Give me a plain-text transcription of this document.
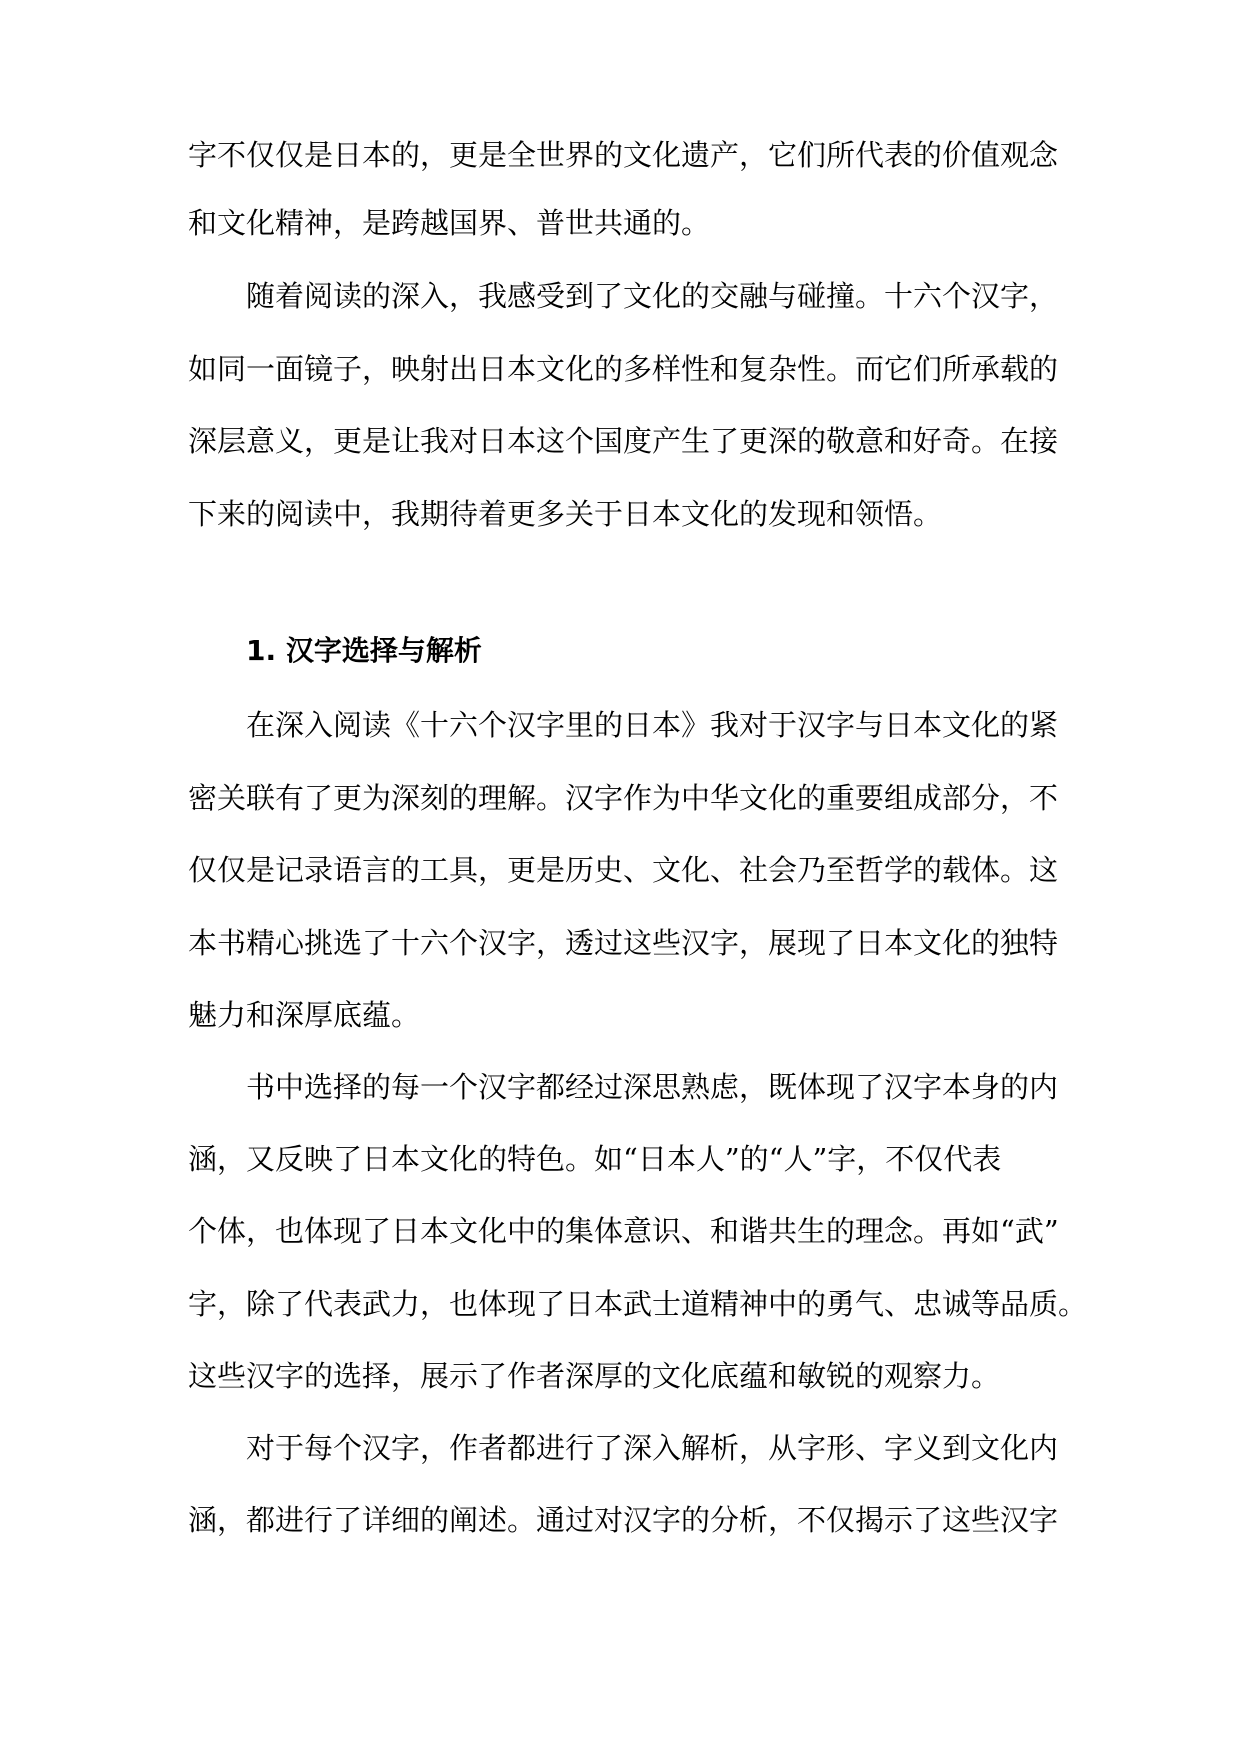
字不仅仅是日本的，更是全世界的文化遗产，它们所代表的价值观念
和文化精神，是跨越国界、普世共通的。
随着阅读的深入，我感受到了文化的交融与碰撞。十六个汉字，
如同一面镜子，映射出日本文化的多样性和复杂性。而它们所承载的
深层意义，更是让我对日本这个国度产生了更深的敬意和好奇。在接
下来的阅读中，我期待着更多关于日本文化的发现和领悟。
1. 汉字选择与解析
在深入阅读《十六个汉字里的日本》我对于汉字与日本文化的紧
密关联有了更为深刻的理解。汉字作为中华文化的重要组成部分，不
仅仅是记录语言的工具，更是历史、文化、社会乃至哲学的载体。这
本书精心挑选了十六个汉字，透过这些汉字，展现了日本文化的独特
魅力和深厚底蕴。
书中选择的每一个汉字都经过深思熟虑，既体现了汉字本身的内
涵，又反映了日本文化的特色。如“日本人”的“人”字，不仅代表
个体，也体现了日本文化中的集体意识、和谐共生的理念。再如“武”
字，除了代表武力，也体现了日本武士道精神中的勇气、忠诚等品质。
这些汉字的选择，展示了作者深厚的文化底蕴和敏锐的观察力。
对于每个汉字，作者都进行了深入解析，从字形、字义到文化内
涵，都进行了详细的阐述。通过对汉字的分析，不仅揭示了这些汉字
